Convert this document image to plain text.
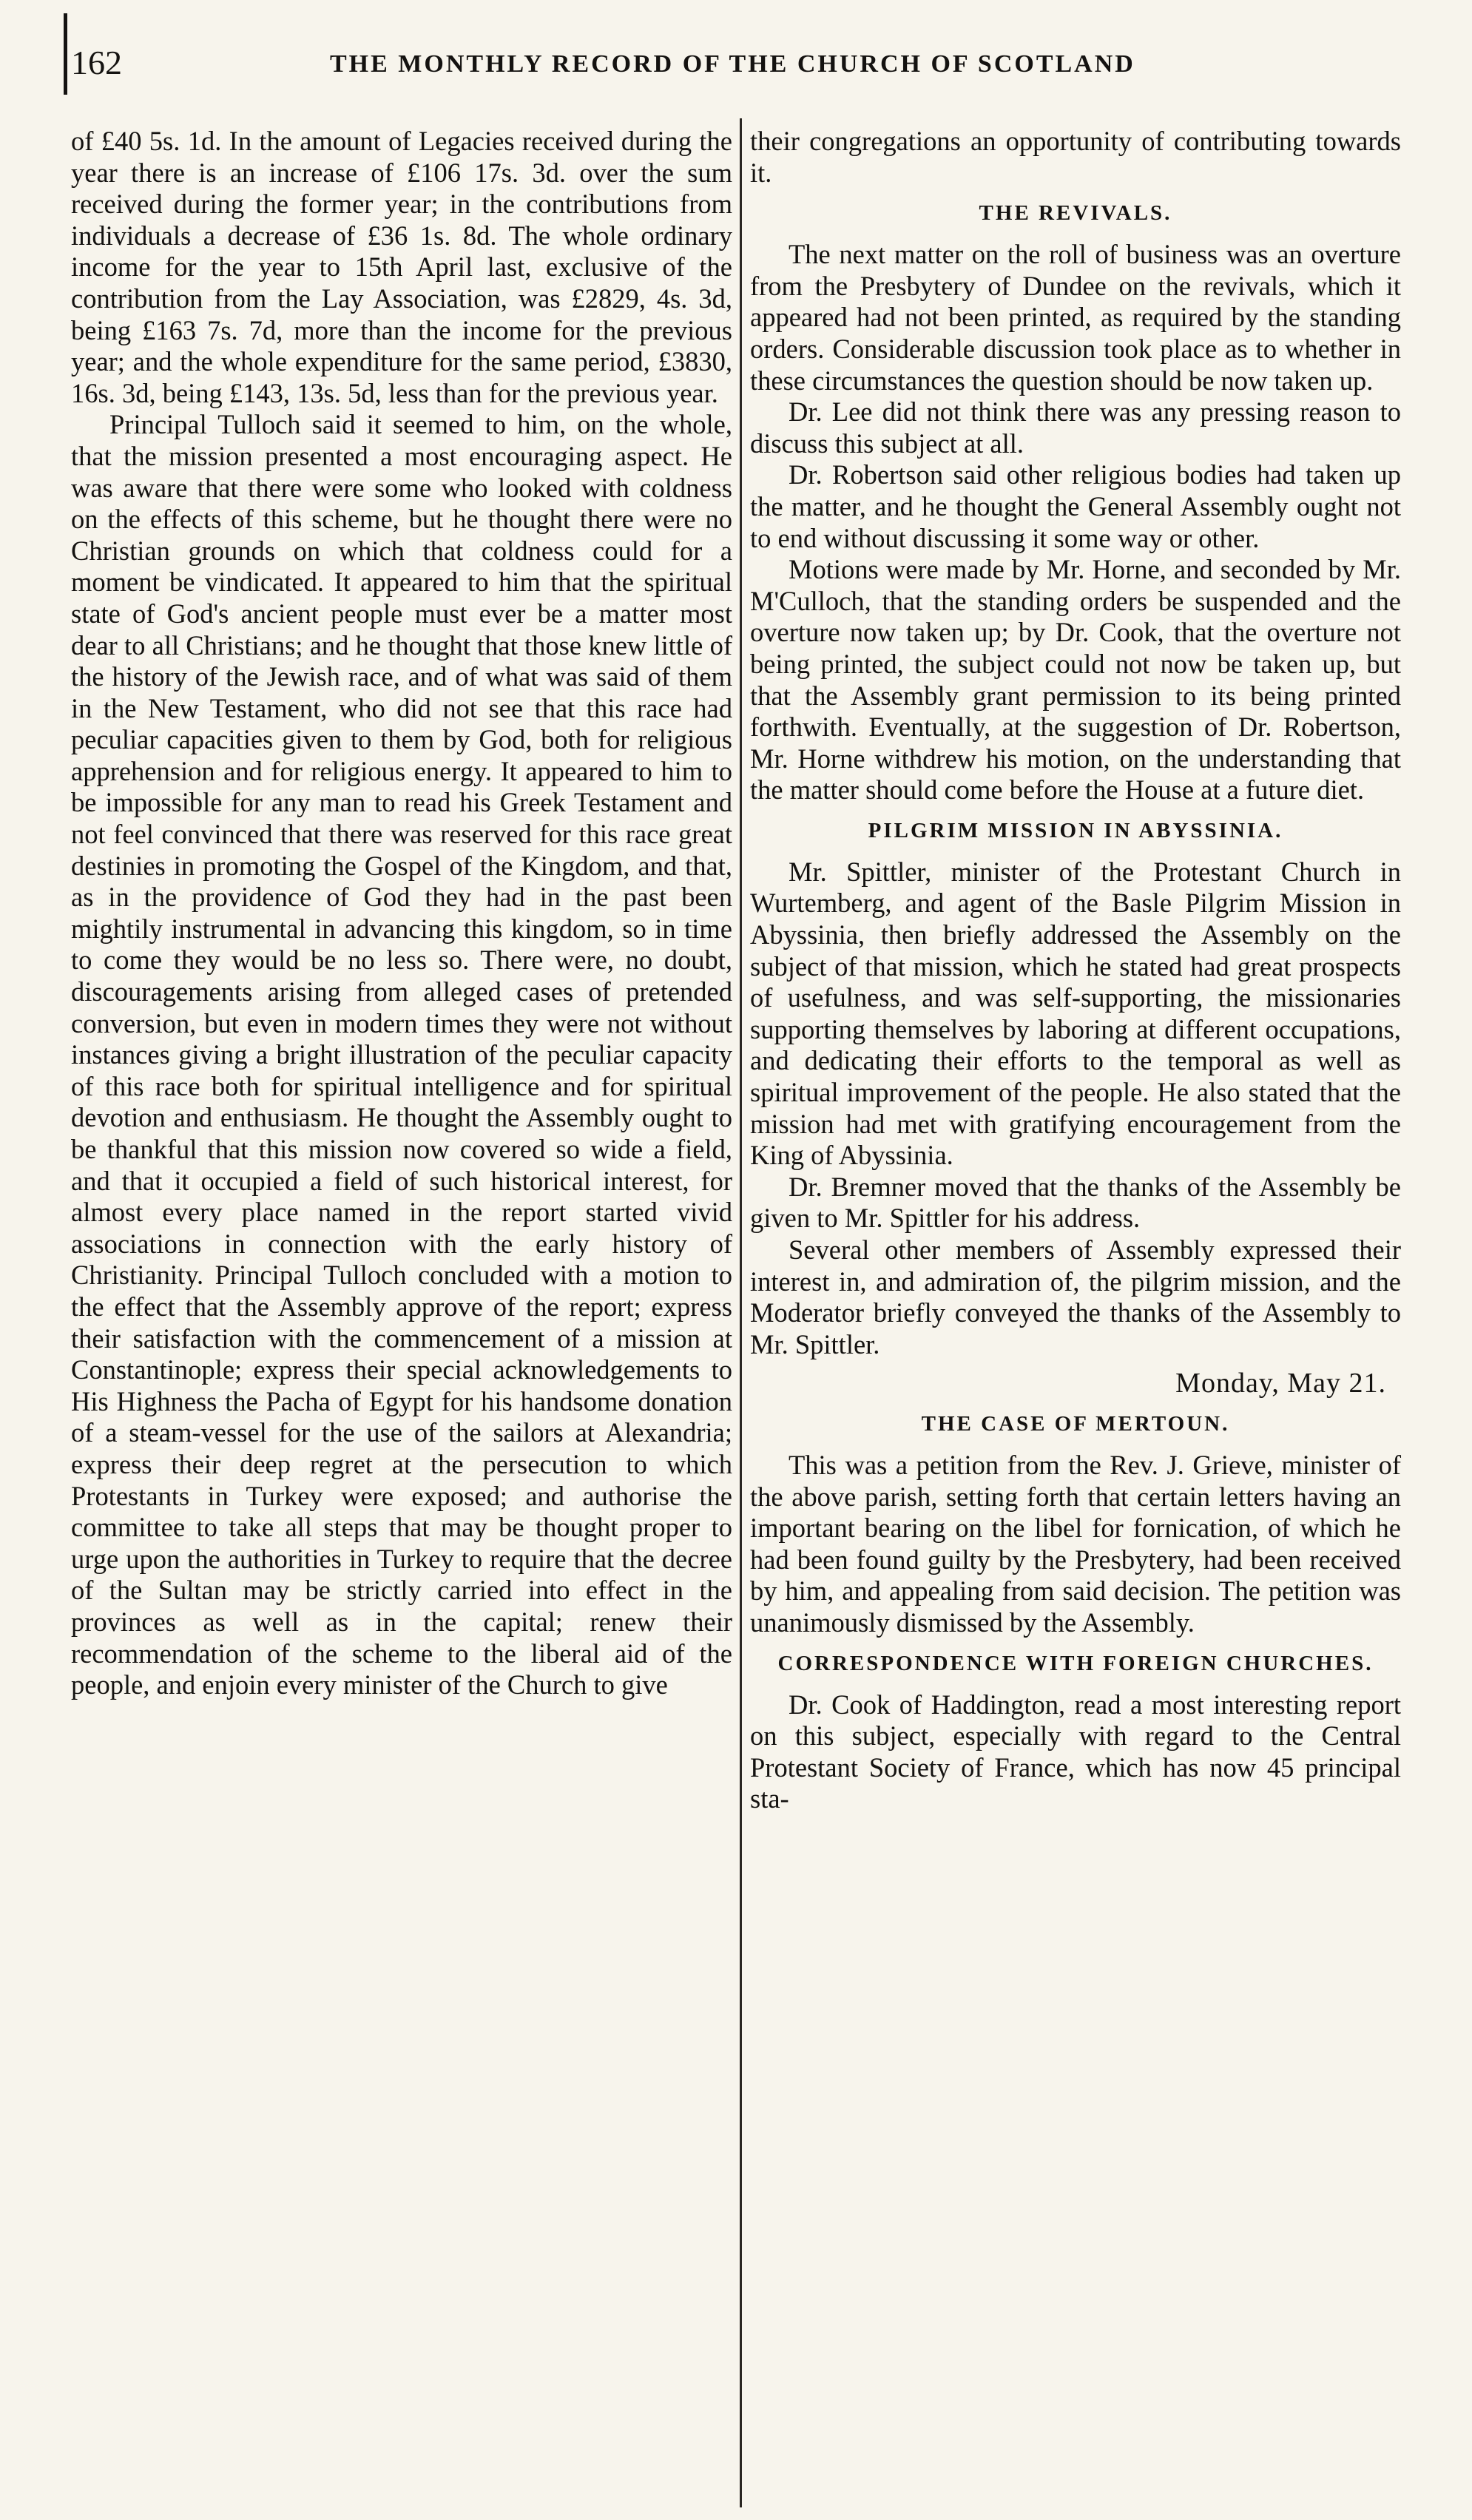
162	THE MONTHLY RECORD OF THE CHURCH OF SCOTLAND

of £40 5s. 1d. In the amount of Legacies received during the year there is an increase of £106 17s. 3d. over the sum received during the former year; in the contributions from individuals a decrease of £36 1s. 8d. The whole ordinary income for the year to 15th April last, exclusive of the contribution from the Lay Association, was £2829, 4s. 3d, being £163 7s. 7d, more than the income for the previous year; and the whole expenditure for the same period, £3830, 16s. 3d, being £143, 13s. 5d, less than for the previous year.

Principal Tulloch said it seemed to him, on the whole, that the mission presented a most encouraging aspect. He was aware that there were some who looked with coldness on the effects of this scheme, but he thought there were no Christian grounds on which that coldness could for a moment be vindicated. It appeared to him that the spiritual state of God's ancient people must ever be a matter most dear to all Christians; and he thought that those knew little of the history of the Jewish race, and of what was said of them in the New Testament, who did not see that this race had peculiar capacities given to them by God, both for religious apprehension and for religious energy. It appeared to him to be impossible for any man to read his Greek Testament and not feel convinced that there was reserved for this race great destinies in promoting the Gospel of the Kingdom, and that, as in the providence of God they had in the past been mightily instrumental in advancing this kingdom, so in time to come they would be no less so. There were, no doubt, discouragements arising from alleged cases of pretended conversion, but even in modern times they were not without instances giving a bright illustration of the peculiar capacity of this race both for spiritual intelligence and for spiritual devotion and enthusiasm. He thought the Assembly ought to be thankful that this mission now covered so wide a field, and that it occupied a field of such historical interest, for almost every place named in the report started vivid associations in connection with the early history of Christianity. Principal Tulloch concluded with a motion to the effect that the Assembly approve of the report; express their satisfaction with the commencement of a mission at Constantinople; express their special acknowledgements to His Highness the Pacha of Egypt for his handsome donation of a steam-vessel for the use of the sailors at Alexandria; express their deep regret at the persecution to which Protestants in Turkey were exposed; and authorise the committee to take all steps that may be thought proper to urge upon the authorities in Turkey to require that the decree of the Sultan may be strictly carried into effect in the provinces as well as in the capital; renew their recommendation of the scheme to the liberal aid of the people, and enjoin every minister of the Church to give

their congregations an opportunity of contributing towards it.

THE REVIVALS.

The next matter on the roll of business was an overture from the Presbytery of Dundee on the revivals, which it appeared had not been printed, as required by the standing orders. Considerable discussion took place as to whether in these circumstances the question should be now taken up.

Dr. Lee did not think there was any pressing reason to discuss this subject at all.

Dr. Robertson said other religious bodies had taken up the matter, and he thought the General Assembly ought not to end without discussing it some way or other.

Motions were made by Mr. Horne, and seconded by Mr. M'Culloch, that the standing orders be suspended and the overture now taken up; by Dr. Cook, that the overture not being printed, the subject could not now be taken up, but that the Assembly grant permission to its being printed forthwith. Eventually, at the suggestion of Dr. Robertson, Mr. Horne withdrew his motion, on the understanding that the matter should come before the House at a future diet.

PILGRIM MISSION IN ABYSSINIA.

Mr. Spittler, minister of the Protestant Church in Wurtemberg, and agent of the Basle Pilgrim Mission in Abyssinia, then briefly addressed the Assembly on the subject of that mission, which he stated had great prospects of usefulness, and was self-supporting, the missionaries supporting themselves by laboring at different occupations, and dedicating their efforts to the temporal as well as spiritual improvement of the people. He also stated that the mission had met with gratifying encouragement from the King of Abyssinia.

Dr. Bremner moved that the thanks of the Assembly be given to Mr. Spittler for his address.

Several other members of Assembly expressed their interest in, and admiration of, the pilgrim mission, and the Moderator briefly conveyed the thanks of the Assembly to Mr. Spittler.

Monday, May 21.

THE CASE OF MERTOUN.

This was a petition from the Rev. J. Grieve, minister of the above parish, setting forth that certain letters having an important bearing on the libel for fornication, of which he had been found guilty by the Presbytery, had been received by him, and appealing from said decision. The petition was unanimously dismissed by the Assembly.

CORRESPONDENCE WITH FOREIGN CHURCHES.

Dr. Cook of Haddington, read a most interesting report on this subject, especially with regard to the Central Protestant Society of France, which has now 45 principal sta-
